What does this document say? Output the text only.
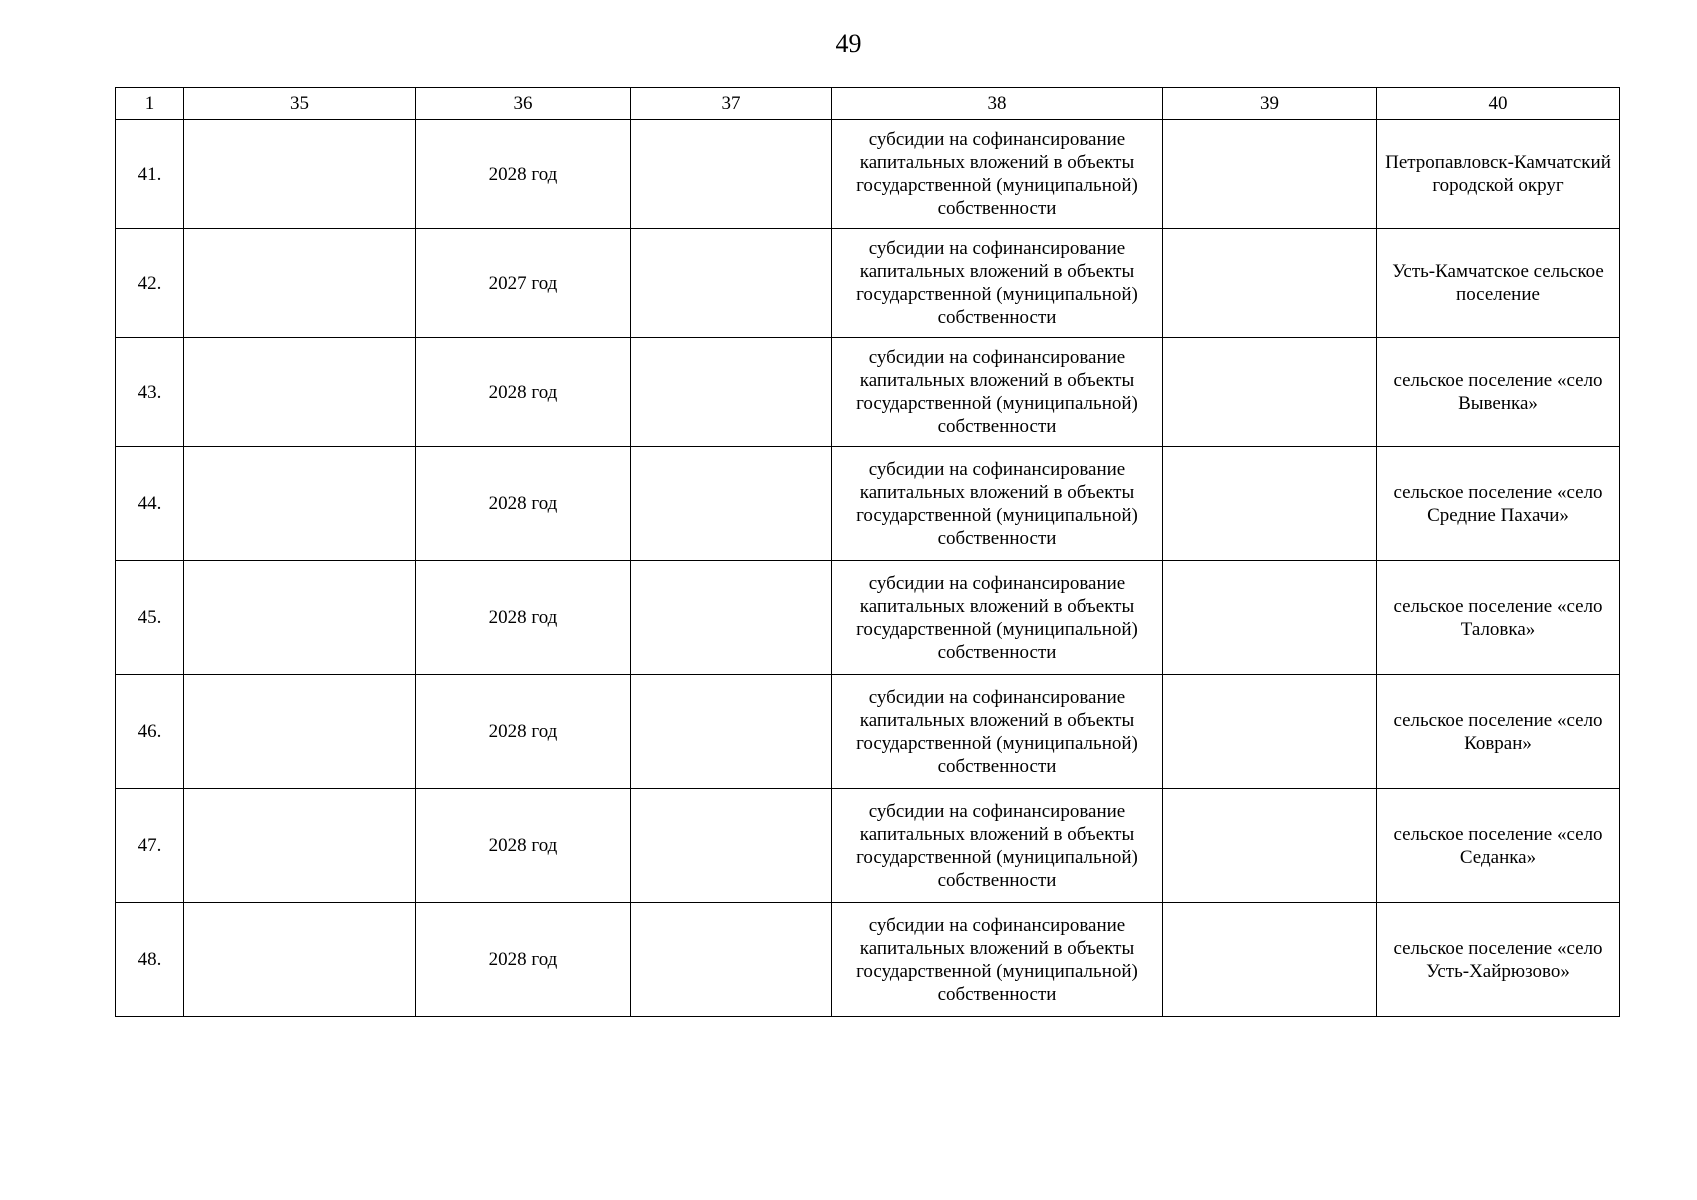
49
1	35	36	37	38	39	40
41.		2028 год		субсидии на софинансирование капитальных вложений в объекты государственной (муниципальной) собственности		Петропавловск-Камчатский городской округ
42.		2027 год		субсидии на софинансирование капитальных вложений в объекты государственной (муниципальной) собственности		Усть-Камчатское сельское поселение
43.		2028 год		субсидии на софинансирование капитальных вложений в объекты государственной (муниципальной) собственности		сельское поселение «село Вывенка»
44.		2028 год		субсидии на софинансирование капитальных вложений в объекты государственной (муниципальной) собственности		сельское поселение «село Средние Пахачи»
45.		2028 год		субсидии на софинансирование капитальных вложений в объекты государственной (муниципальной) собственности		сельское поселение «село Таловка»
46.		2028 год		субсидии на софинансирование капитальных вложений в объекты государственной (муниципальной) собственности		сельское поселение «село Ковран»
47.		2028 год		субсидии на софинансирование капитальных вложений в объекты государственной (муниципальной) собственности		сельское поселение «село Седанка»
48.		2028 год		субсидии на софинансирование капитальных вложений в объекты государственной (муниципальной) собственности		сельское поселение «село Усть-Хайрюзово»
